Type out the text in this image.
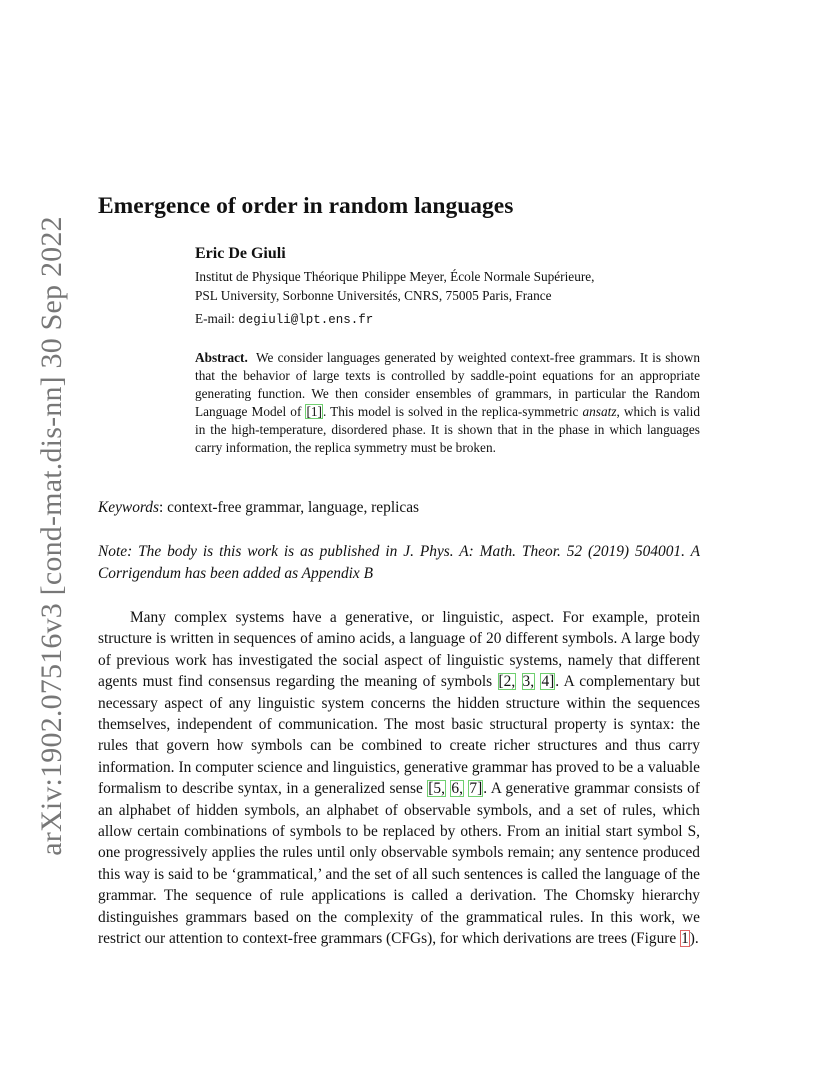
arXiv:1902.07516v3 [cond-mat.dis-nn] 30 Sep 2022
Emergence of order in random languages
Eric De Giuli
Institut de Physique Théorique Philippe Meyer, École Normale Supérieure,
PSL University, Sorbonne Universités, CNRS, 75005 Paris, France
E-mail: degiuli@lpt.ens.fr
Abstract. We consider languages generated by weighted context-free grammars. It is shown that the behavior of large texts is controlled by saddle-point equations for an appropriate generating function. We then consider ensembles of grammars, in particular the Random Language Model of [1]. This model is solved in the replica-symmetric ansatz, which is valid in the high-temperature, disordered phase. It is shown that in the phase in which languages carry information, the replica symmetry must be broken.
Keywords: context-free grammar, language, replicas
Note: The body is this work is as published in J. Phys. A: Math. Theor. 52 (2019) 504001. A Corrigendum has been added as Appendix B
Many complex systems have a generative, or linguistic, aspect. For example, protein structure is written in sequences of amino acids, a language of 20 different symbols. A large body of previous work has investigated the social aspect of linguistic systems, namely that different agents must find consensus regarding the meaning of symbols [2, 3, 4]. A complementary but necessary aspect of any linguistic system concerns the hidden structure within the sequences themselves, independent of communication. The most basic structural property is syntax: the rules that govern how symbols can be combined to create richer structures and thus carry information. In computer science and linguistics, generative grammar has proved to be a valuable formalism to describe syntax, in a generalized sense [5, 6, 7]. A generative grammar consists of an alphabet of hidden symbols, an alphabet of observable symbols, and a set of rules, which allow certain combinations of symbols to be replaced by others. From an initial start symbol S, one progressively applies the rules until only observable symbols remain; any sentence produced this way is said to be ‘grammatical,’ and the set of all such sentences is called the language of the grammar. The sequence of rule applications is called a derivation. The Chomsky hierarchy distinguishes grammars based on the complexity of the grammatical rules. In this work, we restrict our attention to context-free grammars (CFGs), for which derivations are trees (Figure 1).
